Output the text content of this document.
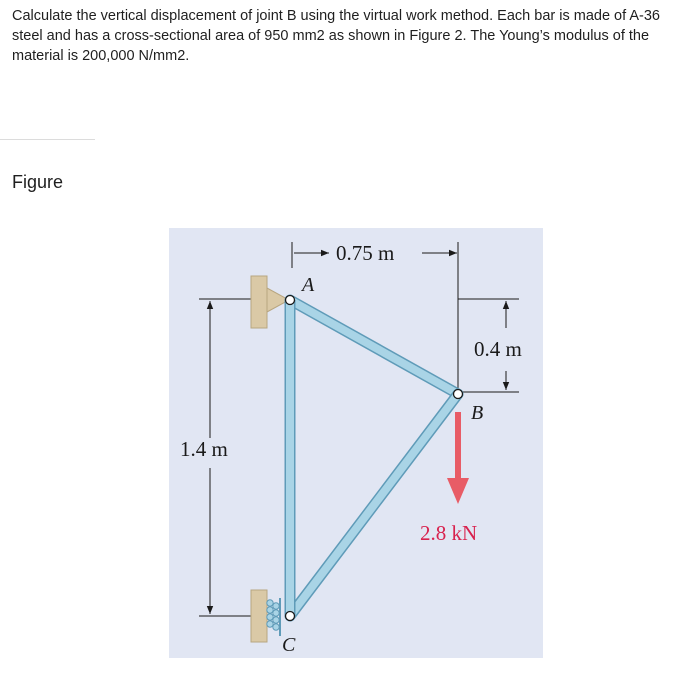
Calculate the vertical displacement of joint B using the virtual work method. Each bar is made of A-36 steel and has a cross-sectional area of 950 mm2 as shown in Figure 2. The Young’s modulus of the material is 200,000 N/mm2.

Figure
0.75 m
0.4 m
1.4 m
A
B
C
2.8 kN
